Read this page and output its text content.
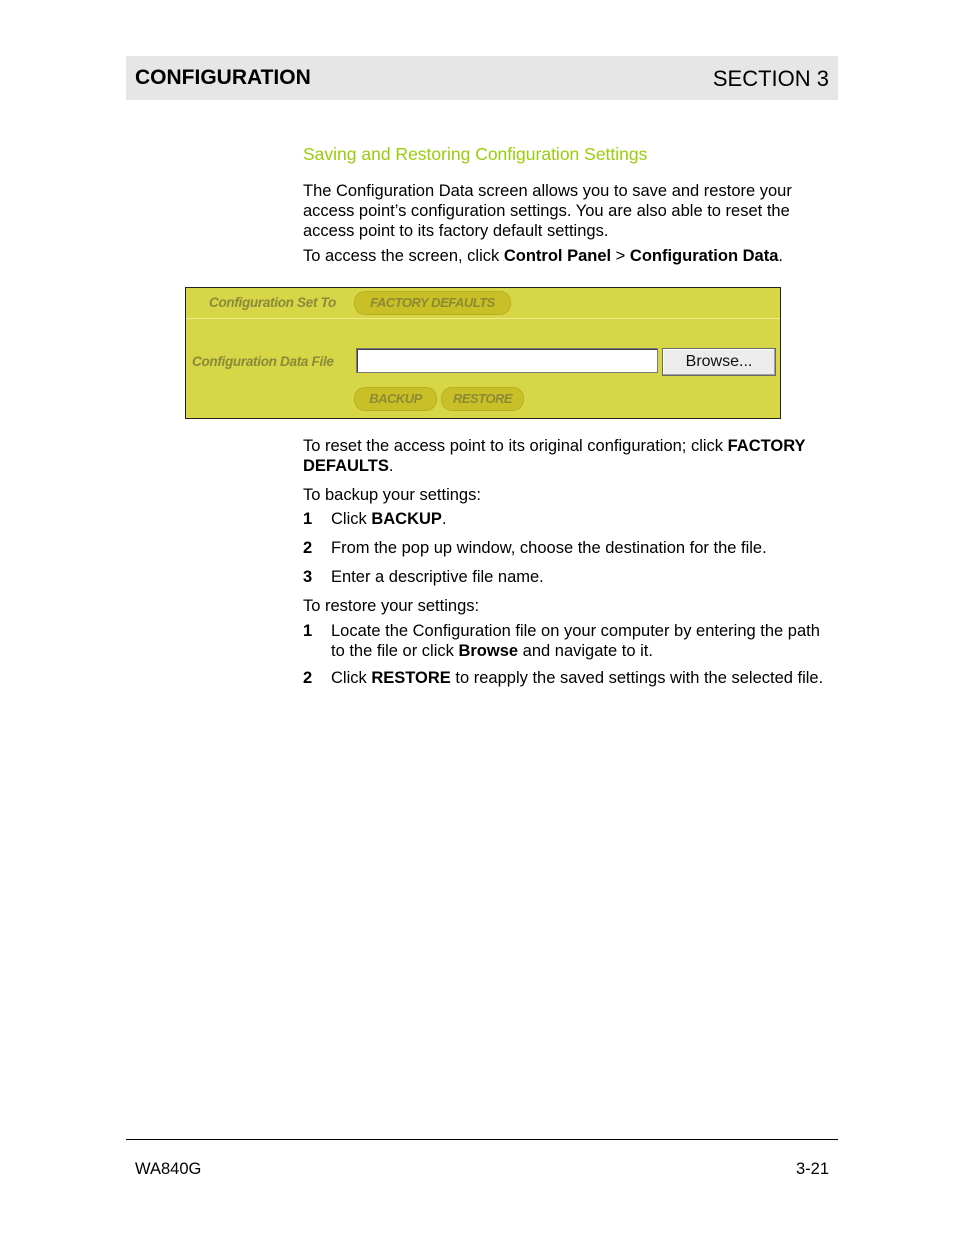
CONFIGURATION	SECTION 3
Saving and Restoring Configuration Settings

The Configuration Data screen allows you to save and restore your access point’s configuration settings. You are also able to reset the access point to its factory default settings.

To access the screen, click Control Panel > Configuration Data.

Configuration Set To	FACTORY DEFAULTS
Configuration Data File	Browse...
BACKUP	RESTORE

To reset the access point to its original configuration; click FACTORY DEFAULTS.

To backup your settings:
1 Click BACKUP.
2 From the pop up window, choose the destination for the file.
3 Enter a descriptive file name.
To restore your settings:
1 Locate the Configuration file on your computer by entering the path to the file or click Browse and navigate to it.
2 Click RESTORE to reapply the saved settings with the selected file.
WA840G	3-21
